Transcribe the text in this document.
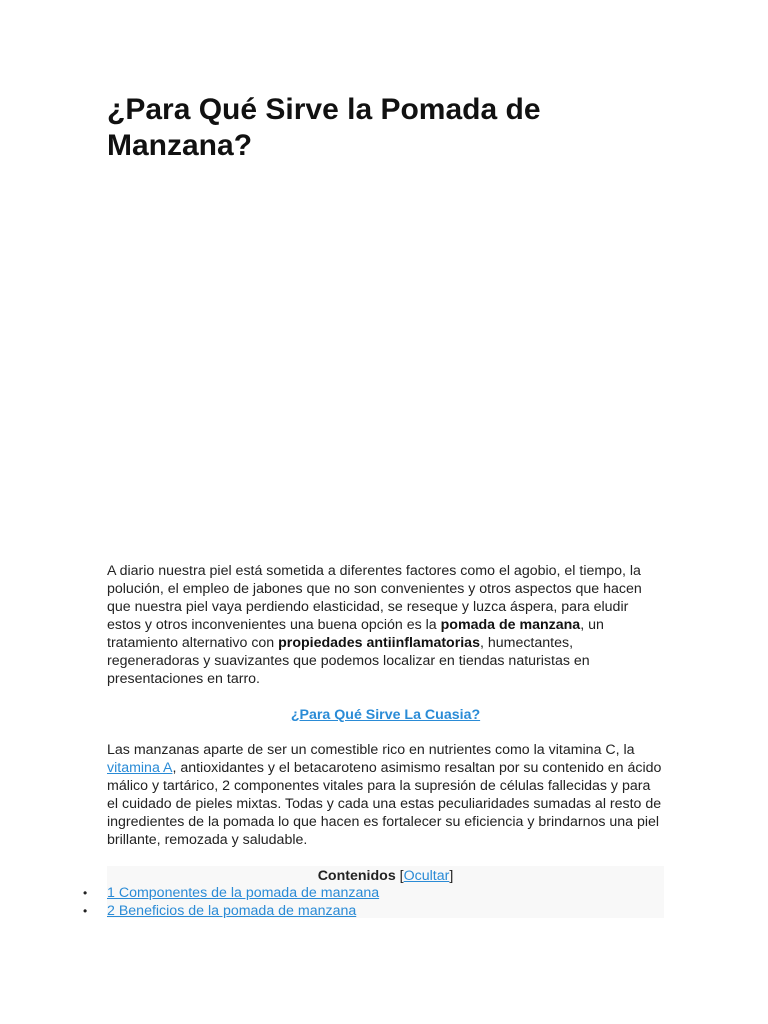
¿Para Qué Sirve la Pomada de Manzana?

A diario nuestra piel está sometida a diferentes factores como el agobio, el tiempo, la polución, el empleo de jabones que no son convenientes y otros aspectos que hacen que nuestra piel vaya perdiendo elasticidad, se reseque y luzca áspera, para eludir estos y otros inconvenientes una buena opción es la pomada de manzana, un tratamiento alternativo con propiedades antiinflamatorias, humectantes, regeneradoras y suavizantes que podemos localizar en tiendas naturistas en presentaciones en tarro.

¿Para Qué Sirve La Cuasia?

Las manzanas aparte de ser un comestible rico en nutrientes como la vitamina C, la vitamina A, antioxidantes y el betacaroteno asimismo resaltan por su contenido en ácido málico y tartárico, 2 componentes vitales para la supresión de células fallecidas y para el cuidado de pieles mixtas. Todas y cada una estas peculiaridades sumadas al resto de ingredientes de la pomada lo que hacen es fortalecer su eficiencia y brindarnos una piel brillante, remozada y saludable.

Contenidos [Ocultar]
•	1 Componentes de la pomada de manzana
•	2 Beneficios de la pomada de manzana
